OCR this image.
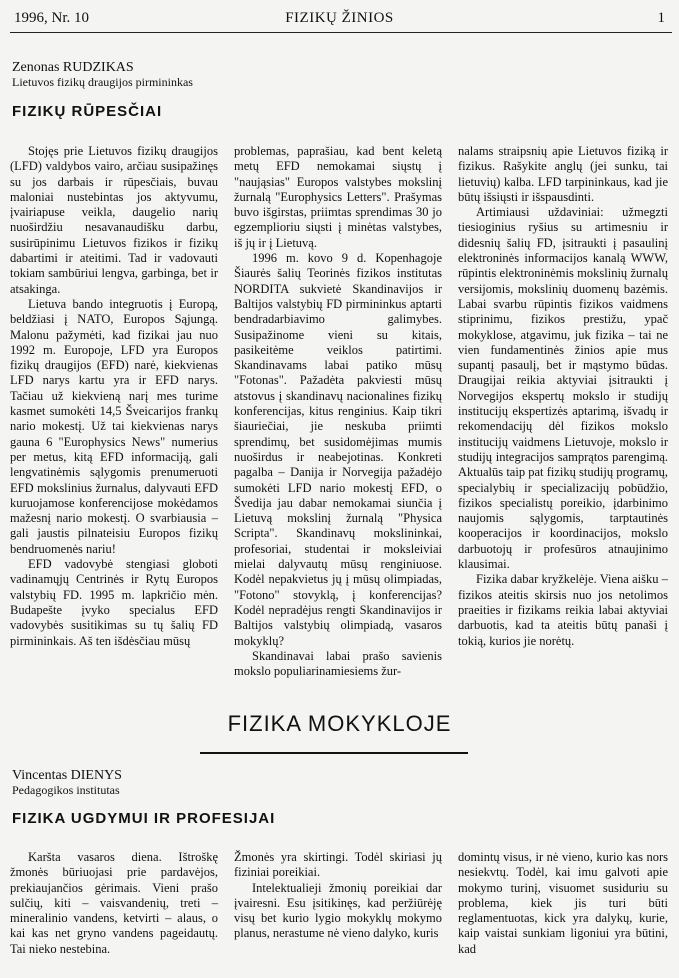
1996, Nr. 10	FIZIKŲ ŽINIOS	1
Zenonas RUDZIKAS
Lietuvos fizikų draugijos pirmininkas
FIZIKŲ RŪPESČIAI

Stojęs prie Lietuvos fizikų draugijos (LFD) valdybos vairo, arčiau susipažinęs su jos darbais ir rūpesčiais, buvau maloniai nustebintas jos aktyvumu, įvairiapuse veikla, daugelio narių nuoširdžiu nesavanaudišku darbu, susirūpinimu Lietuvos fizikos ir fizikų dabartimi ir ateitimi. Tad ir vadovauti tokiam sambūriui lengva, garbinga, bet ir atsakinga.

Lietuva bando integruotis į Europą, beldžiasi į NATO, Europos Sąjungą. Malonu pažymėti, kad fizikai jau nuo 1992 m. Europoje, LFD yra Europos fizikų draugijos (EFD) narė, kiekvienas LFD narys kartu yra ir EFD narys. Tačiau už kiekvieną narį mes turime kasmet sumokėti 14,5 Šveicarijos frankų nario mokestį. Už tai kiekvienas narys gauna 6 "Europhysics News" numerius per metus, kitą EFD informaciją, gali lengvatinėmis sąlygomis prenumeruoti EFD mokslinius žurnalus, dalyvauti EFD kuruojamose konferencijose mokėdamos mažesnį nario mokestį. O svarbiausia – gali jaustis pilnateisiu Europos fizikų bendruomenės nariu!

EFD vadovybė stengiasi globoti vadinamųjų Centrinės ir Rytų Europos valstybių FD. 1995 m. lapkričio mėn. Budapešte įvyko specialus EFD vadovybės susitikimas su tų šalių FD pirmininkais. Aš ten išdėsčiau mūsų

problemas, paprašiau, kad bent keletą metų EFD nemokamai siųstų į "naująsias" Europos valstybes mokslinį žurnalą "Europhysics Letters". Prašymas buvo išgirstas, priimtas sprendimas 30 jo egzemplioriu siųsti į minėtas valstybes, iš jų ir į Lietuvą.

1996 m. kovo 9 d. Kopenhagoje Šiaurės šalių Teorinės fizikos institutas NORDITA sukvietė Skandinavijos ir Baltijos valstybių FD pirmininkus aptarti bendradarbiavimo galimybes. Susipažinome vieni su kitais, pasikeitėme veiklos patirtimi. Skandinavams labai patiko mūsų "Fotonas". Pažadėta pakviesti mūsų atstovus į skandinavų nacionalines fizikų konferencijas, kitus renginius. Kaip tikri šiauriečiai, jie neskuba priimti sprendimų, bet susidomėjimas mumis nuoširdus ir neabejotinas. Konkreti pagalba – Danija ir Norvegija pažadėjo sumokėti LFD nario mokestį EFD, o Švedija jau dabar nemokamai siunčia į Lietuvą mokslinį žurnalą "Physica Scripta". Skandinavų mokslininkai, profesoriai, studentai ir moksleiviai mielai dalyvautų mūsų renginiuose. Kodėl nepakvietus jų į mūsų olimpiadas, "Fotono" stovyklą, į konferencijas? Kodėl nepradėjus rengti Skandinavijos ir Baltijos valstybių olimpiadą, vasaros mokyklų?

Skandinavai labai prašo savienis mokslo populiarinamiesiems žur-

nalams straipsnių apie Lietuvos fiziką ir fizikus. Rašykite anglų (jei sunku, tai lietuvių) kalba. LFD tarpininkaus, kad jie būtų išsiųsti ir išspausdinti.

Artimiausi uždaviniai: užmegzti tiesioginius ryšius su artimesniu ir didesnių šalių FD, įsitraukti į pasaulinį elektroninės informacijos kanalą WWW, rūpintis elektroninėmis mokslinių žurnalų versijomis, mokslinių duomenų bazėmis. Labai svarbu rūpintis fizikos vaidmens stiprinimu, fizikos prestižu, ypač mokyklose, atgavimu, juk fizika – tai ne vien fundamentinės žinios apie mus supantį pasaulį, bet ir mąstymo būdas. Draugijai reikia aktyviai įsitraukti į Norvegijos ekspertų mokslo ir studijų institucijų ekspertizės aptarimą, išvadų ir rekomendacijų dėl fizikos mokslo institucijų vaidmens Lietuvoje, mokslo ir studijų integracijos samprątos parengimą. Aktualūs taip pat fizikų studijų programų, specialybių ir specializacijų pobūdžio, fizikos specialistų poreikio, įdarbinimo naujomis sąlygomis, tarptautinės kooperacijos ir koordinacijos, mokslo darbuotojų ir profesūros atnaujinimo klausimai.

Fizika dabar kryžkelėje. Viena aišku – fizikos ateitis skirsis nuo jos netolimos praeities ir fizikams reikia labai aktyviai darbuotis, kad ta ateitis būtų panaši į tokią, kurios jie norėtų.

FIZIKA MOKYKLOJE
Vincentas DIENYS
Pedagogikos institutas
FIZIKA UGDYMUI IR PROFESIJAI

Karšta vasaros diena. Ištroškę žmonės būriuojasi prie pardavėjos, prekiaujančios gėrimais. Vieni prašo sulčių, kiti – vaisvandenių, treti – mineralinio vandens, ketvirti – alaus, o kai kas net gryno vandens pageidautų. Tai nieko nestebina.

Žmonės yra skirtingi. Todėl skiriasi jų fiziniai poreikiai.

Intelektualieji žmonių poreikiai dar įvairesni. Esu įsitikinęs, kad peržiūrėję visų bet kurio lygio mokyklų mokymo planus, nerastume nė vieno dalyko, kuris

domintų visus, ir nė vieno, kurio kas nors nesiekvtų. Todėl, kai imu galvoti apie mokymo turinį, visuomet susiduriu su problema, kiek jis turi būti reglamentuotas, kick yra dalykų, kurie, kaip vaistai sunkiam ligoniui yra būtini, kad
